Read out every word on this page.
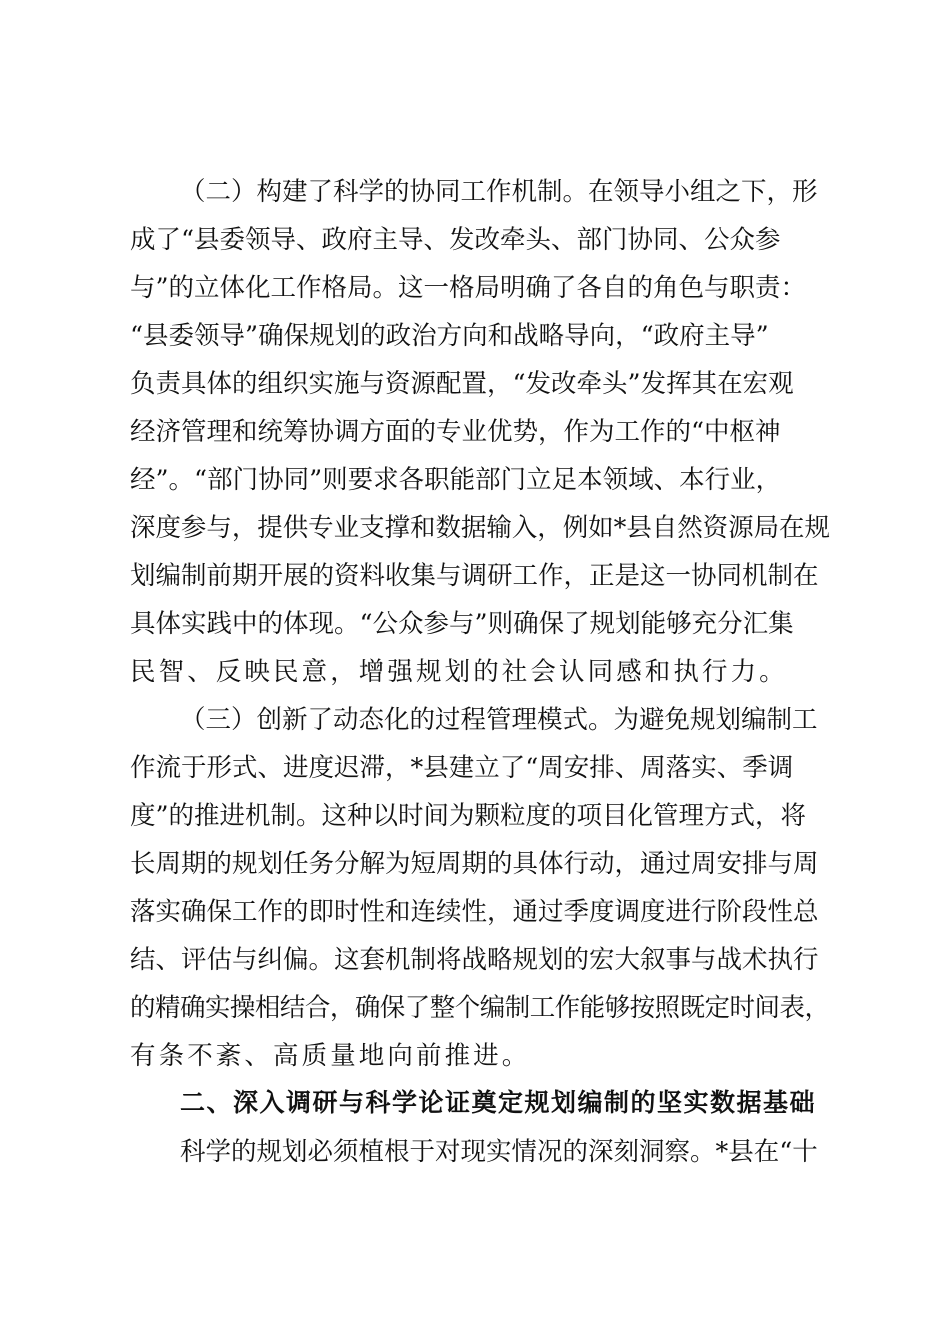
（二）构建了科学的协同工作机制。在领导小组之下，形
成了“县委领导、政府主导、发改牵头、部门协同、公众参
与”的立体化工作格局。这一格局明确了各自的角色与职责：
“县委领导”确保规划的政治方向和战略导向，“政府主导”
负责具体的组织实施与资源配置，“发改牵头”发挥其在宏观
经济管理和统筹协调方面的专业优势，作为工作的“中枢神
经”。“部门协同”则要求各职能部门立足本领域、本行业，
深度参与，提供专业支撑和数据输入，例如*县自然资源局在规
划编制前期开展的资料收集与调研工作，正是这一协同机制在
具体实践中的体现。“公众参与”则确保了规划能够充分汇集
民智、反映民意，增强规划的社会认同感和执行力。
（三）创新了动态化的过程管理模式。为避免规划编制工
作流于形式、进度迟滞，*县建立了“周安排、周落实、季调
度”的推进机制。这种以时间为颗粒度的项目化管理方式，将
长周期的规划任务分解为短周期的具体行动，通过周安排与周
落实确保工作的即时性和连续性，通过季度调度进行阶段性总
结、评估与纠偏。这套机制将战略规划的宏大叙事与战术执行
的精确实操相结合，确保了整个编制工作能够按照既定时间表，
有条不紊、高质量地向前推进。
二、深入调研与科学论证奠定规划编制的坚实数据基础
科学的规划必须植根于对现实情况的深刻洞察。*县在“十
